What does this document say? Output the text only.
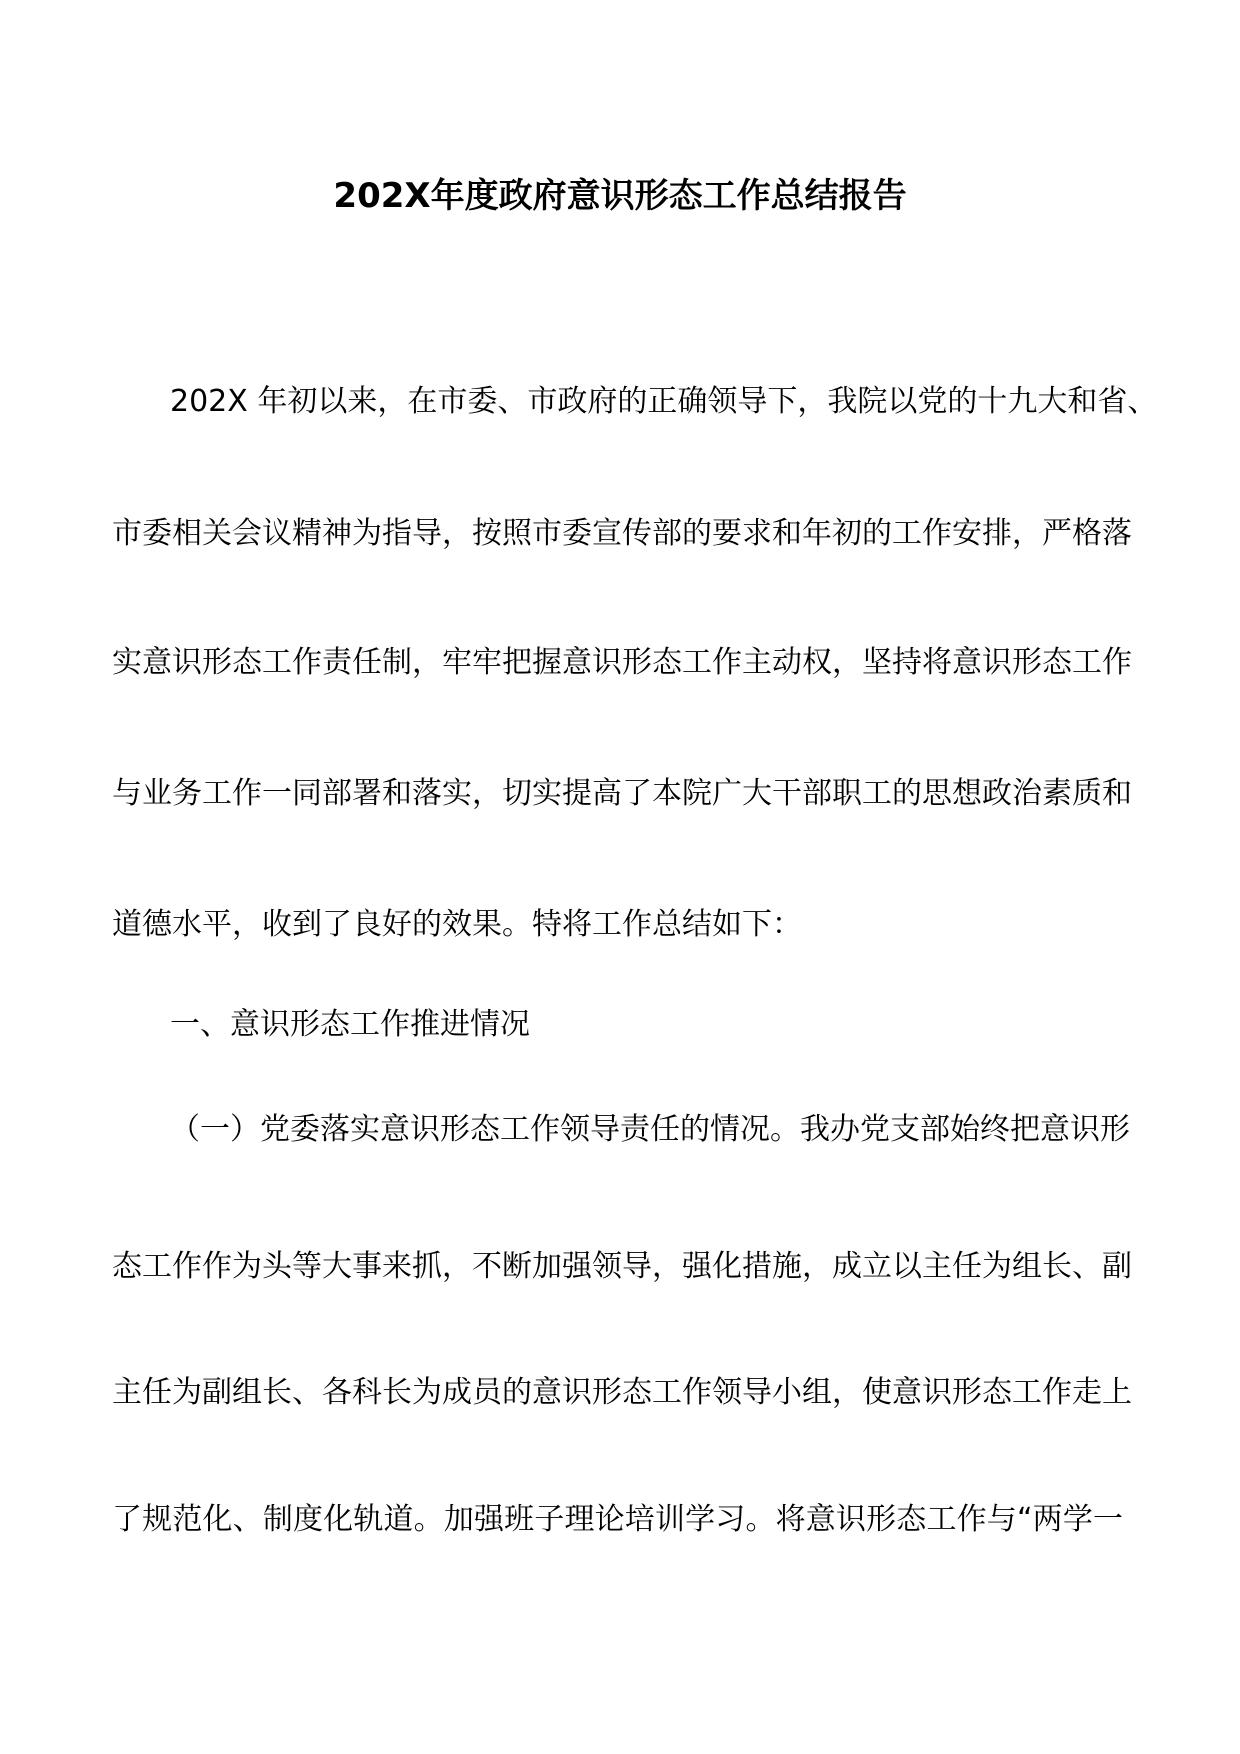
202X年度政府意识形态工作总结报告
202X 年初以来，在市委、市政府的正确领导下，我院以党的十九大和省、
市委相关会议精神为指导，按照市委宣传部的要求和年初的工作安排，严格落
实意识形态工作责任制，牢牢把握意识形态工作主动权，坚持将意识形态工作
与业务工作一同部署和落实，切实提高了本院广大干部职工的思想政治素质和
道德水平，收到了良好的效果。特将工作总结如下：
一、意识形态工作推进情况
（一）党委落实意识形态工作领导责任的情况。我办党支部始终把意识形
态工作作为头等大事来抓，不断加强领导，强化措施，成立以主任为组长、副
主任为副组长、各科长为成员的意识形态工作领导小组，使意识形态工作走上
了规范化、制度化轨道。加强班子理论培训学习。将意识形态工作与“两学一
